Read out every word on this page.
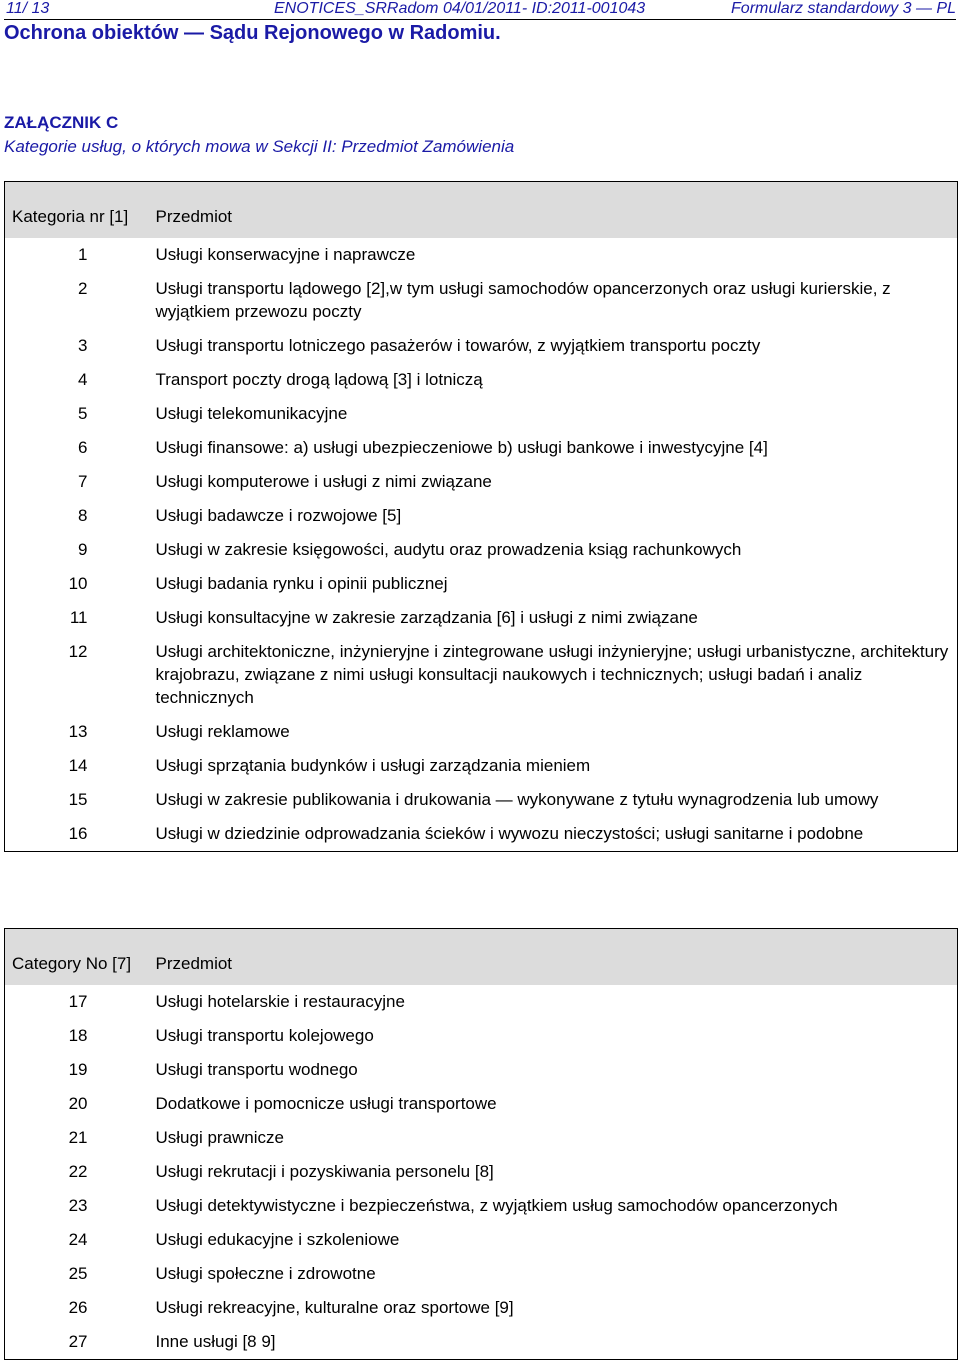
11/ 13	ENOTICES_SRRadom 04/01/2011- ID:2011-001043	Formularz standardowy 3 — PL
Ochrona obiektów — Sądu Rejonowego w Radomiu.
ZAŁĄCZNIK C
Kategorie usług, o których mowa w Sekcji II: Przedmiot Zamówienia
Kategoria nr [1]	Przedmiot
1	Usługi konserwacyjne i naprawcze
2	Usługi transportu lądowego [2],w tym usługi samochodów opancerzonych oraz usługi kurierskie, z wyjątkiem przewozu poczty
3	Usługi transportu lotniczego pasażerów i towarów, z wyjątkiem transportu poczty
4	Transport poczty drogą lądową [3] i lotniczą
5	Usługi telekomunikacyjne
6	Usługi finansowe: a) usługi ubezpieczeniowe b) usługi bankowe i inwestycyjne [4]
7	Usługi komputerowe i usługi z nimi związane
8	Usługi badawcze i rozwojowe [5]
9	Usługi w zakresie księgowości, audytu oraz prowadzenia ksiąg rachunkowych
10	Usługi badania rynku i opinii publicznej
11	Usługi konsultacyjne w zakresie zarządzania [6] i usługi z nimi związane
12	Usługi architektoniczne, inżynieryjne i zintegrowane usługi inżynieryjne; usługi urbanistyczne, architektury krajobrazu, związane z nimi usługi konsultacji naukowych i technicznych; usługi badań i analiz technicznych
13	Usługi reklamowe
14	Usługi sprzątania budynków i usługi zarządzania mieniem
15	Usługi w zakresie publikowania i drukowania — wykonywane z tytułu wynagrodzenia lub umowy
16	Usługi w dziedzinie odprowadzania ścieków i wywozu nieczystości; usługi sanitarne i podobne
Category No [7]	Przedmiot
17	Usługi hotelarskie i restauracyjne
18	Usługi transportu kolejowego
19	Usługi transportu wodnego
20	Dodatkowe i pomocnicze usługi transportowe
21	Usługi prawnicze
22	Usługi rekrutacji i pozyskiwania personelu [8]
23	Usługi detektywistyczne i bezpieczeństwa, z wyjątkiem usług samochodów opancerzonych
24	Usługi edukacyjne i szkoleniowe
25	Usługi społeczne i zdrowotne
26	Usługi rekreacyjne, kulturalne oraz sportowe [9]
27	Inne usługi [8 9]
